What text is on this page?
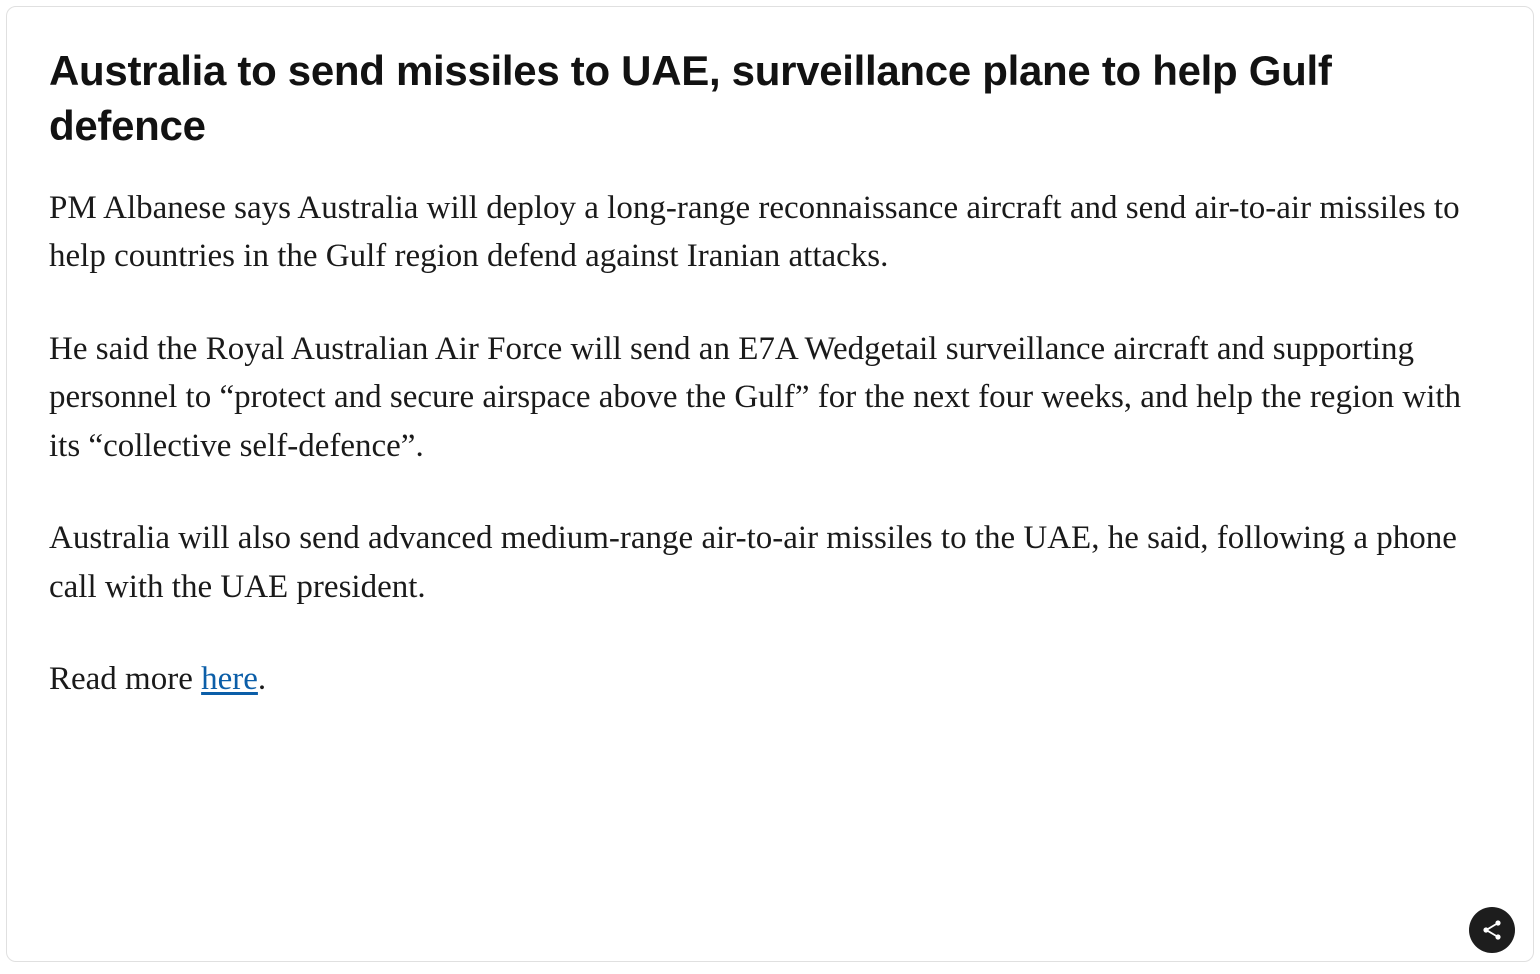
Australia to send missiles to UAE, surveillance plane to help Gulf defence

PM Albanese says Australia will deploy a long-range reconnaissance aircraft and send air-to-air missiles to help countries in the Gulf region defend against Iranian attacks.

He said the Royal Australian Air Force will send an E7A Wedgetail surveillance aircraft and supporting personnel to “protect and secure airspace above the Gulf” for the next four weeks, and help the region with its “collective self-defence”.

Australia will also send advanced medium-range air-to-air missiles to the UAE, he said, following a phone call with the UAE president.

Read more here.
